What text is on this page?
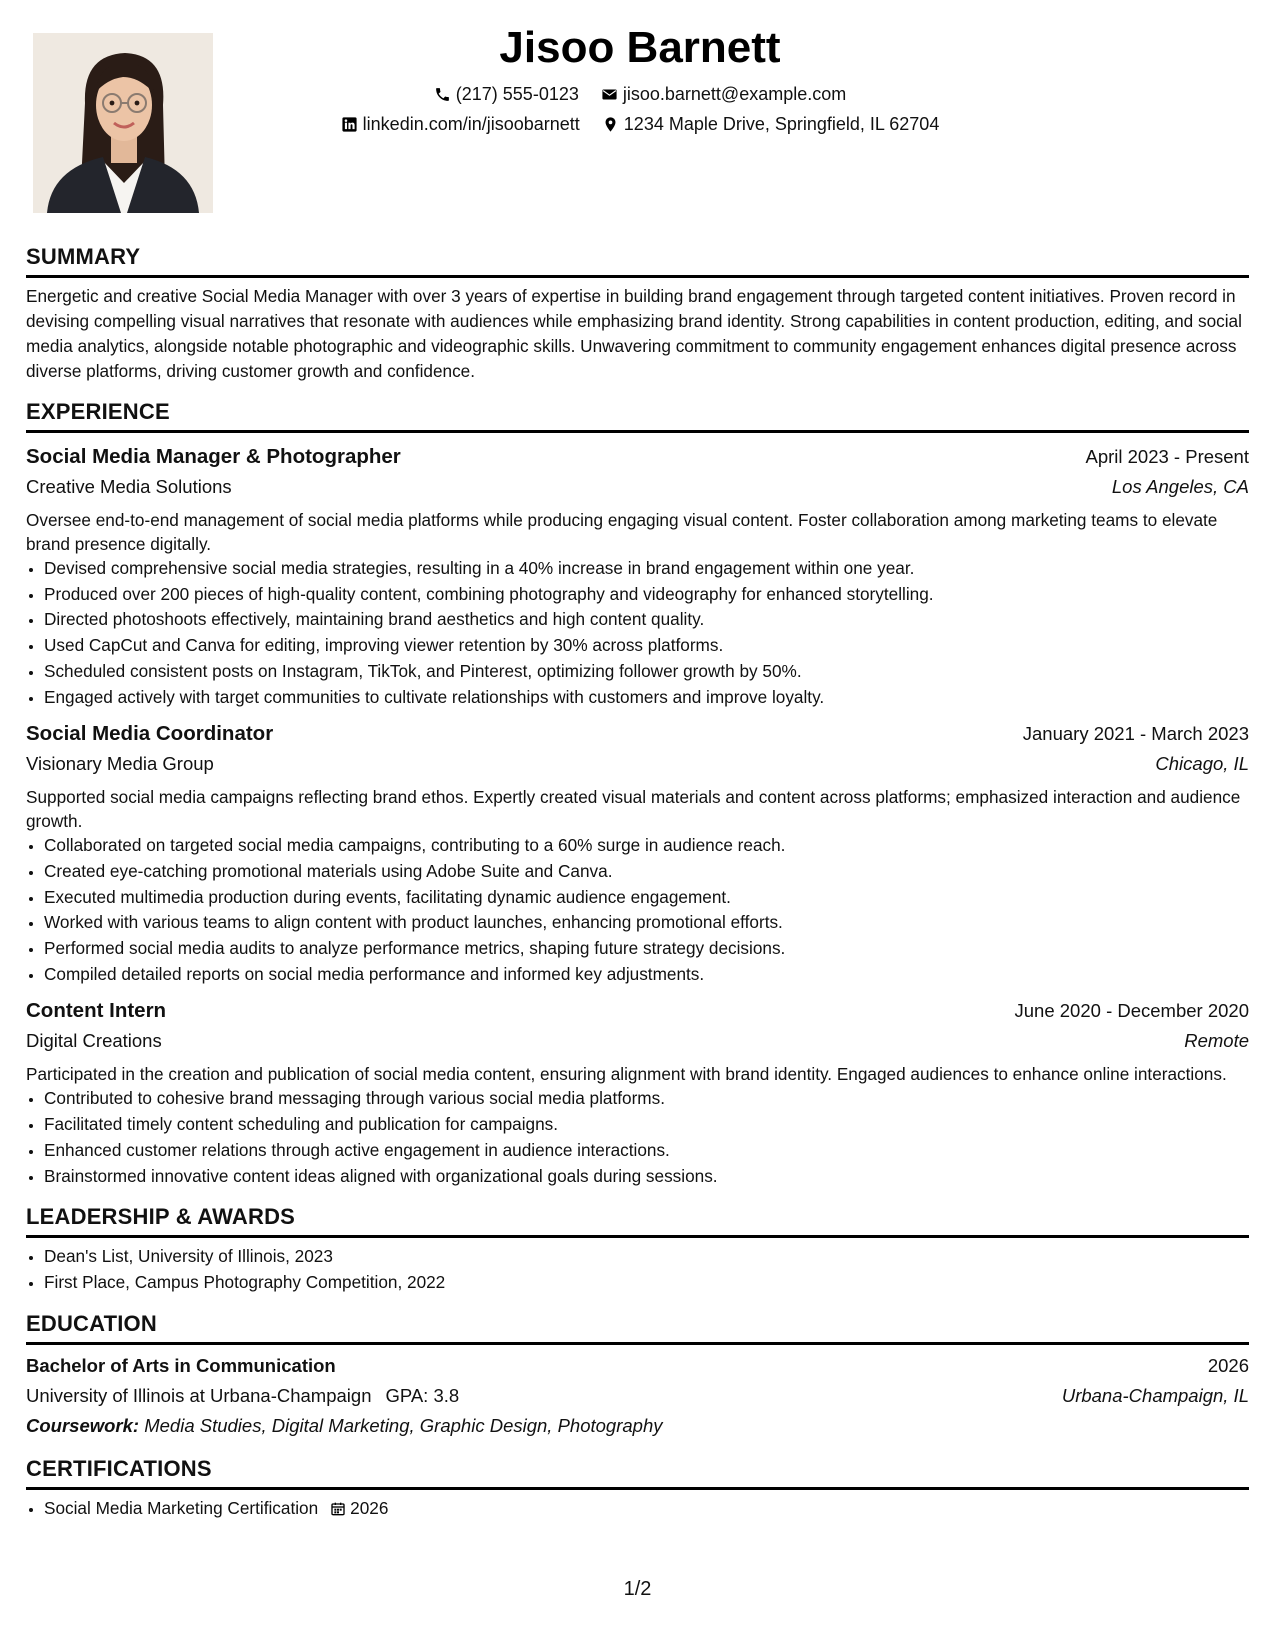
Jisoo Barnett
(217) 555-0123 jisoo.barnett@example.com
linkedin.com/in/jisoobarnett 1234 Maple Drive, Springfield, IL 62704
SUMMARY

Energetic and creative Social Media Manager with over 3 years of expertise in building brand engagement through targeted content initiatives. Proven record in devising compelling visual narratives that resonate with audiences while emphasizing brand identity. Strong capabilities in content production, editing, and social media analytics, alongside notable photographic and videographic skills. Unwavering commitment to community engagement enhances digital presence across diverse platforms, driving customer growth and confidence.

EXPERIENCE
Social Media Manager & Photographer	April 2023 - Present
Creative Media Solutions	Los Angeles, CA

Oversee end-to-end management of social media platforms while producing engaging visual content. Foster collaboration among marketing teams to elevate brand presence digitally.

• Devised comprehensive social media strategies, resulting in a 40% increase in brand engagement within one year.
• Produced over 200 pieces of high-quality content, combining photography and videography for enhanced storytelling.
• Directed photoshoots effectively, maintaining brand aesthetics and high content quality.
• Used CapCut and Canva for editing, improving viewer retention by 30% across platforms.
• Scheduled consistent posts on Instagram, TikTok, and Pinterest, optimizing follower growth by 50%.
• Engaged actively with target communities to cultivate relationships with customers and improve loyalty.
Social Media Coordinator	January 2021 - March 2023
Visionary Media Group	Chicago, IL

Supported social media campaigns reflecting brand ethos. Expertly created visual materials and content across platforms; emphasized interaction and audience growth.

• Collaborated on targeted social media campaigns, contributing to a 60% surge in audience reach.
• Created eye-catching promotional materials using Adobe Suite and Canva.
• Executed multimedia production during events, facilitating dynamic audience engagement.
• Worked with various teams to align content with product launches, enhancing promotional efforts.
• Performed social media audits to analyze performance metrics, shaping future strategy decisions.
• Compiled detailed reports on social media performance and informed key adjustments.
Content Intern	June 2020 - December 2020
Digital Creations	Remote

Participated in the creation and publication of social media content, ensuring alignment with brand identity. Engaged audiences to enhance online interactions.

• Contributed to cohesive brand messaging through various social media platforms.
• Facilitated timely content scheduling and publication for campaigns.
• Enhanced customer relations through active engagement in audience interactions.
• Brainstormed innovative content ideas aligned with organizational goals during sessions.
LEADERSHIP & AWARDS
• Dean's List, University of Illinois, 2023
• First Place, Campus Photography Competition, 2022
EDUCATION
Bachelor of Arts in Communication	2026
University of Illinois at Urbana-Champaign GPA: 3.8	Urbana-Champaign, IL
Coursework: Media Studies, Digital Marketing, Graphic Design, Photography
CERTIFICATIONS
• Social Media Marketing Certification 2026
1/2
